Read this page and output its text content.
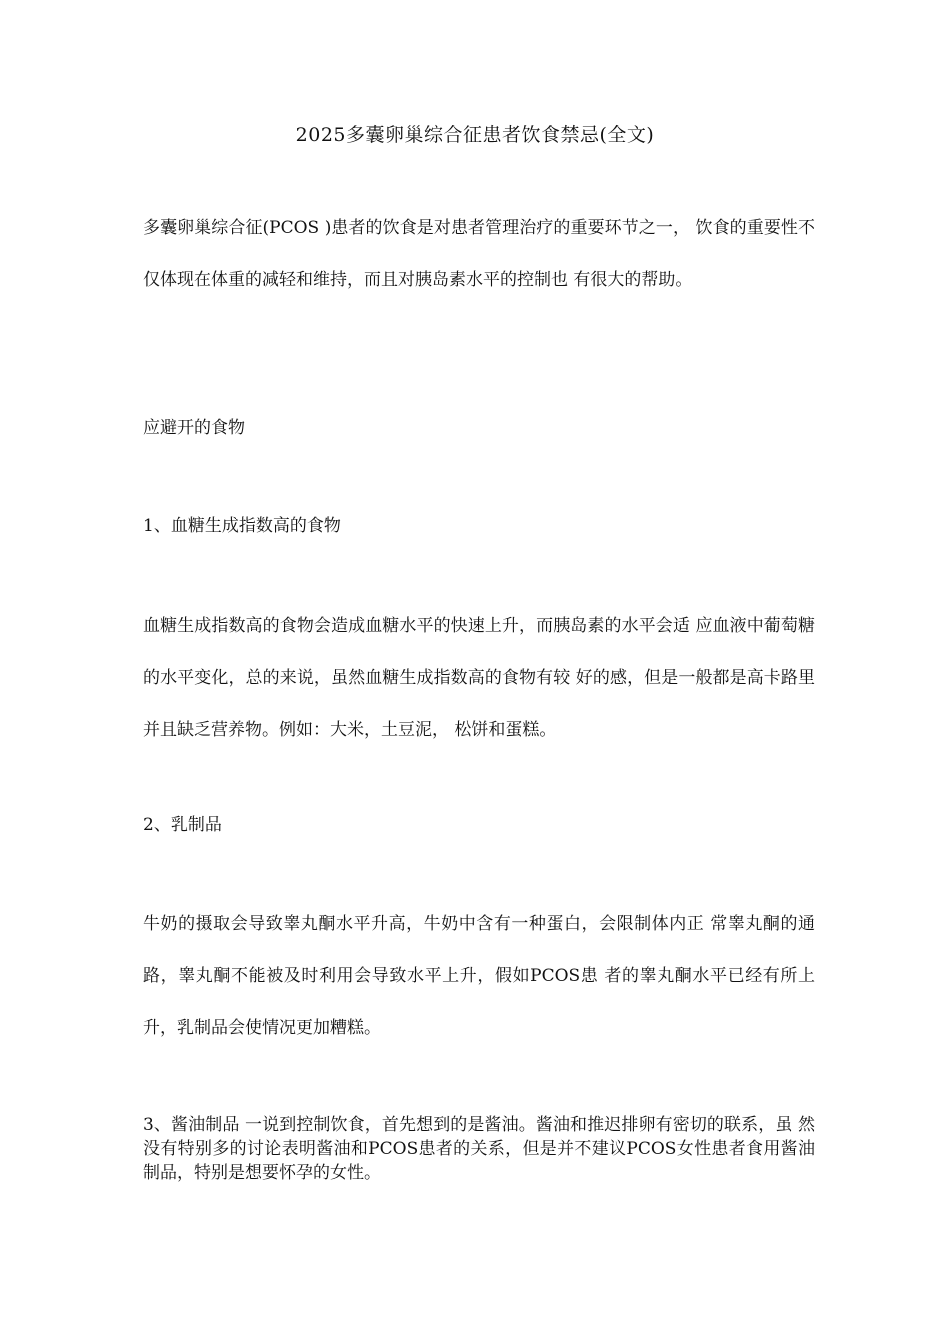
2025多囊卵巢综合征患者饮食禁忌(全文)
多囊卵巢综合征(PCOS )患者的饮食是对患者管理治疗的重要环节之一， 饮食的重要性不仅体现在体重的减轻和维持，而且对胰岛素水平的控制也 有很大的帮助。
应避开的食物
1、血糖生成指数高的食物
血糖生成指数高的食物会造成血糖水平的快速上升，而胰岛素的水平会适 应血液中葡萄糖的水平变化，总的来说，虽然血糖生成指数高的食物有较 好的感，但是一般都是高卡路里并且缺乏营养物。例如：大米，土豆泥， 松饼和蛋糕。
2、乳制品
牛奶的摄取会导致睾丸酮水平升高，牛奶中含有一种蛋白，会限制体内正 常睾丸酮的通路，睾丸酮不能被及时利用会导致水平上升，假如PCOS患 者的睾丸酮水平已经有所上升，乳制品会使情况更加糟糕。
3、酱油制品 一说到控制饮食，首先想到的是酱油。酱油和推迟排卵有密切的联系，虽 然没有特别多的讨论表明酱油和PCOS患者的关系，但是并不建议PCOS女性患者食用酱油制品，特别是想要怀孕的女性。
